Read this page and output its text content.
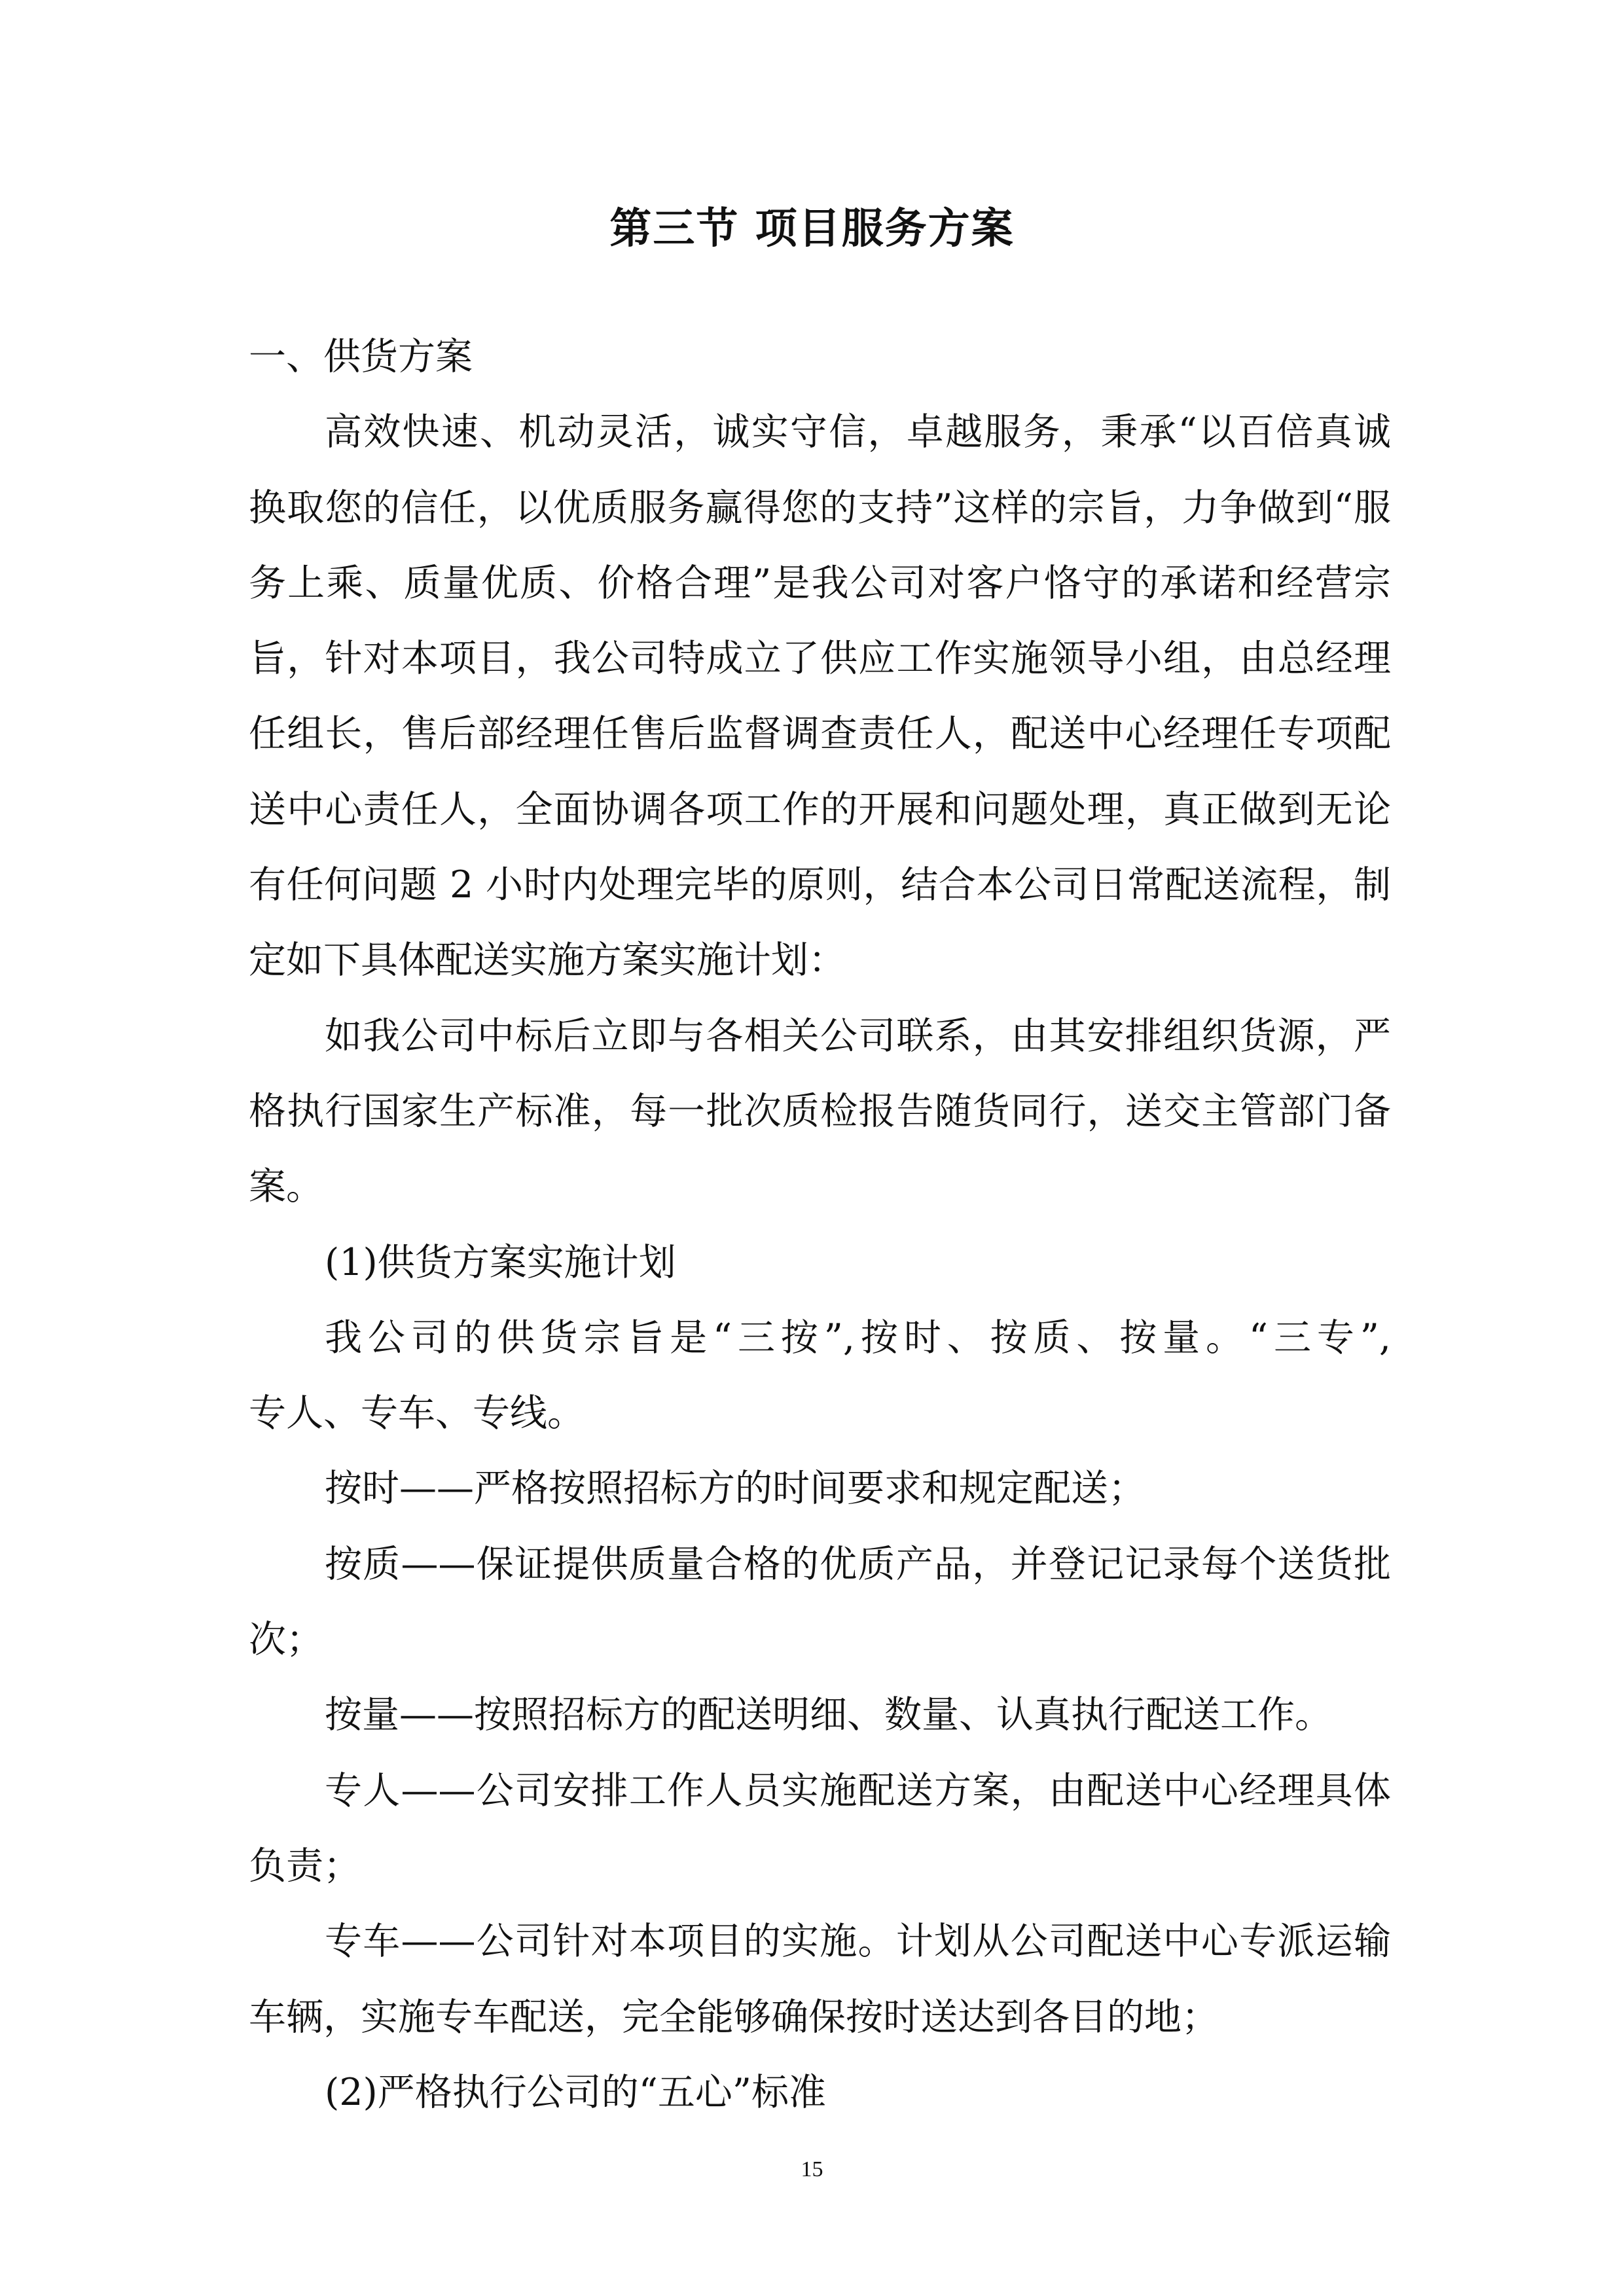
第三节 项目服务方案
一、供货方案
高效快速、机动灵活，诚实守信，卓越服务，秉承“以百倍真诚
换取您的信任，以优质服务赢得您的支持”这样的宗旨，力争做到“服
务上乘、质量优质、价格合理”是我公司对客户恪守的承诺和经营宗
旨，针对本项目，我公司特成立了供应工作实施领导小组，由总经理
任组长，售后部经理任售后监督调查责任人，配送中心经理任专项配
送中心责任人，全面协调各项工作的开展和问题处理，真正做到无论
有任何问题 2 小时内处理完毕的原则，结合本公司日常配送流程，制
定如下具体配送实施方案实施计划：
如我公司中标后立即与各相关公司联系，由其安排组织货源，严
格执行国家生产标准，每一批次质检报告随货同行，送交主管部门备
案。
(1)供货方案实施计划
我公司的供货宗旨是“三按”,按时、按质、按量。“三专”,
专人、专车、专线。
按时——严格按照招标方的时间要求和规定配送；
按质——保证提供质量合格的优质产品，并登记记录每个送货批
次；
按量——按照招标方的配送明细、数量、认真执行配送工作。
专人——公司安排工作人员实施配送方案，由配送中心经理具体
负责；
专车——公司针对本项目的实施。计划从公司配送中心专派运输
车辆，实施专车配送，完全能够确保按时送达到各目的地；
(2)严格执行公司的“五心”标准
15
